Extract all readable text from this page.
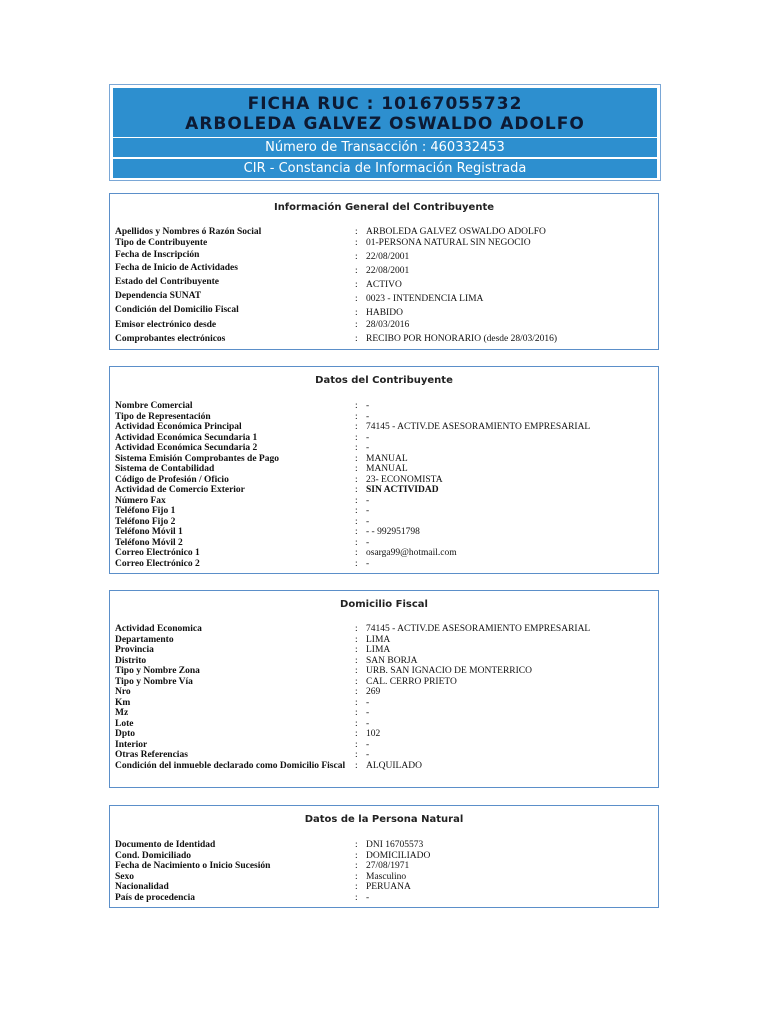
FICHA RUC : 10167055732
ARBOLEDA GALVEZ OSWALDO ADOLFO
Número de Transacción : 460332453
CIR - Constancia de Información Registrada
Información General del Contribuyente
Apellidos y Nombres ó Razón Social	: ARBOLEDA GALVEZ OSWALDO ADOLFO
Tipo de Contribuyente	: 01-PERSONA NATURAL SIN NEGOCIO
Fecha de Inscripción	: 22/08/2001
Fecha de Inicio de Actividades	: 22/08/2001
Estado del Contribuyente	: ACTIVO
Dependencia SUNAT	: 0023 - INTENDENCIA LIMA
Condición del Domicilio Fiscal	: HABIDO
Emisor electrónico desde	: 28/03/2016
Comprobantes electrónicos	: RECIBO POR HONORARIO (desde 28/03/2016)
Datos del Contribuyente
Nombre Comercial	: -
Tipo de Representación	: -
Actividad Económica Principal	: 74145 - ACTIV.DE ASESORAMIENTO EMPRESARIAL
Actividad Económica Secundaria 1	: -
Actividad Económica Secundaria 2	: -
Sistema Emisión Comprobantes de Pago	: MANUAL
Sistema de Contabilidad	: MANUAL
Código de Profesión / Oficio	: 23- ECONOMISTA
Actividad de Comercio Exterior	: SIN ACTIVIDAD
Número Fax	: -
Teléfono Fijo 1	: -
Teléfono Fijo 2	: -
Teléfono Móvil 1	: - - 992951798
Teléfono Móvil 2	: -
Correo Electrónico 1	: osarga99@hotmail.com
Correo Electrónico 2	: -
Domicilio Fiscal
Actividad Economica	: 74145 - ACTIV.DE ASESORAMIENTO EMPRESARIAL
Departamento	: LIMA
Provincia	: LIMA
Distrito	: SAN BORJA
Tipo y Nombre Zona	: URB. SAN IGNACIO DE MONTERRICO
Tipo y Nombre Vía	: CAL. CERRO PRIETO
Nro	: 269
Km	: -
Mz	: -
Lote	: -
Dpto	: 102
Interior	: -
Otras Referencias	: -
Condición del inmueble declarado como Domicilio Fiscal : ALQUILADO
Datos de la Persona Natural
Documento de Identidad	: DNI 16705573
Cond. Domiciliado	: DOMICILIADO
Fecha de Nacimiento o Inicio Sucesión	: 27/08/1971
Sexo	: Masculino
Nacionalidad	: PERUANA
País de procedencia	: -
